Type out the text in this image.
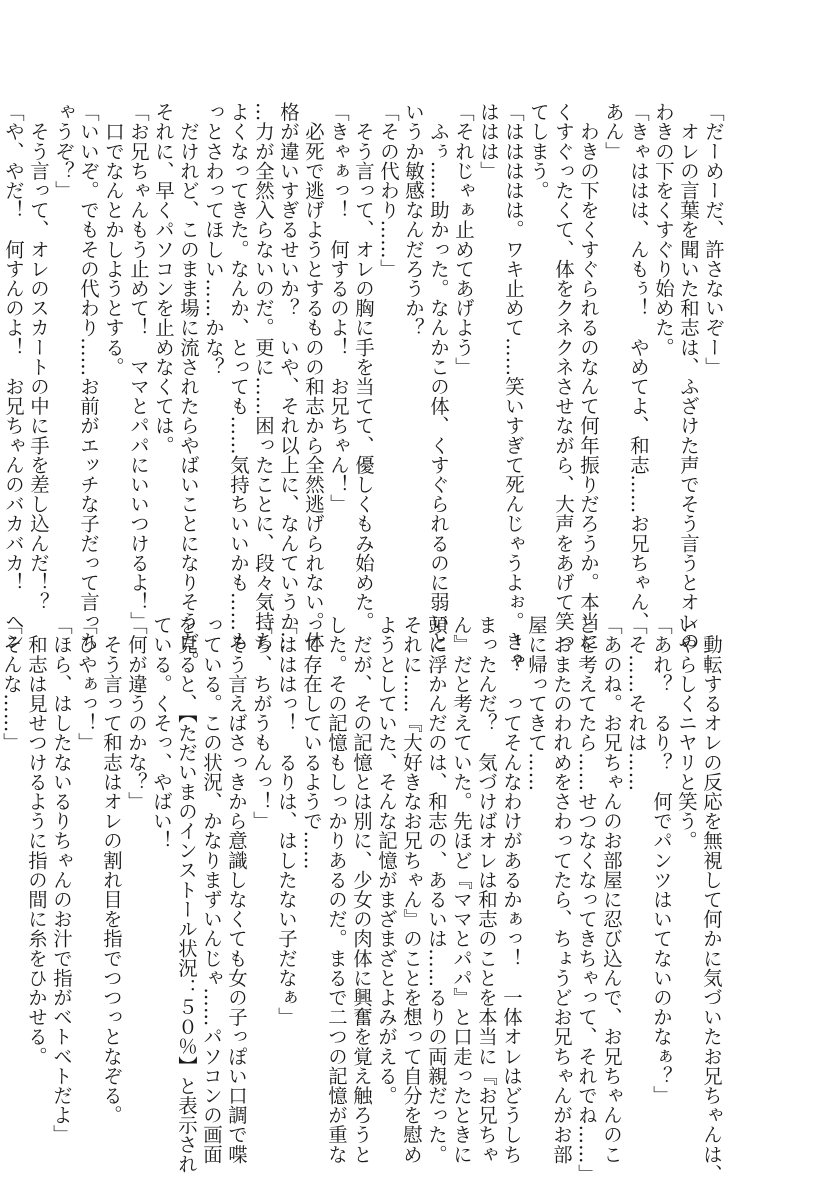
「だーめーだ、許さないぞー」
　オレの言葉を聞いた和志は、ふざけた声でそう言うとオレの
わきの下をくすぐり始めた。
「きゃははは、んもぅ！　やめてよ、和志……お兄ちゃん、
あん」
　わきの下をくすぐられるのなんて何年振りだろうか。本当に
くすぐったくて、体をクネクネさせながら、大声をあげて笑っ
てしまう。
「ははははは。ワキ止めて……笑いすぎて死んじゃうよぉ。きゃ
ははは」
「それじゃぁ止めてあげよう」
　ふぅ……助かった。なんかこの体、くすぐられるのに弱いと
いうか敏感なんだろうか？
「その代わり……」
　そう言って、オレの胸に手を当てて、優しくもみ始めた。
「きゃぁっ！　何するのよ！　お兄ちゃん！」
　必死で逃げようとするものの和志から全然逃げられない。体
格が違いすぎるせいか？　いや、それ以上に、なんていうか…
…力が全然入らないのだ。更に……困ったことに、段々気持ち
よくなってきた。なんか、とっても……気持ちいいかも……も
っとさわってほしい……かな？
　だけれど、このまま場に流されたらやばいことになりそうだ。
それに、早くパソコンを止めなくては。
「お兄ちゃんもう止めて！　ママとパパにいいつけるよ！」
　口でなんとかしようとする。
「いいぞ。でもその代わり……お前がエッチな子だって言っち
ゃうぞ？」
　そう言って、オレのスカートの中に手を差し込んだ！？
「や、やだ！　何すんのよ！　お兄ちゃんのバカバカ！　ヘン
　動転するオレの反応を無視して何かに気づいたお兄ちゃんは、
いやらしくニヤリと笑う。
「あれ？　るり？　何でパンツはいてないのかなぁ？」
「そ……それは……
「あのね。お兄ちゃんのお部屋に忍び込んで、お兄ちゃんのこ
とを考えてたら……せつなくなってきちゃって、それでね……」
　おまたのわれめをさわってたら、ちょうどお兄ちゃんがお部
屋に帰ってきて……
　！？　ってそんなわけがあるかぁっ！　一体オレはどうしち
まったんだ？　気づけばオレは和志のことを本当に『お兄ちゃ
ん』だと考えていた。先ほど『ママとパパ』と口走ったときに
頭に浮かんだのは、和志の、あるいは……るりの両親だった。
それに……『大好きなお兄ちゃん』のことを想って自分を慰め
ようとしていた、そんな記憶がまざまざとよみがえる。
　だが、その記憶とは別に、少女の肉体に興奮を覚え触ろうと
した。その記憶もしっかりあるのだ。まるで二つの記憶が重な
って存在しているようで……
「はははっ！　るりは、はしたない子だなぁ」
「ち、ちがうもんっ！」
　そう言えばさっきから意識しなくても女の子っぽい口調で喋
っている。この状況、かなりまずいんじゃ……パソコンの画面
を見ると、【ただいまのインストール状況：５０％】と表示され
ている。くそっ、やばい！
「何が違うのかな？」
　そう言って和志はオレの割れ目を指でつつっとなぞる。
「ひやぁっ！」
「ほら、はしたないるりちゃんのお汁で指がベトベトだよ」
　和志は見せつけるように指の間に糸をひかせる。
「そんな……」
